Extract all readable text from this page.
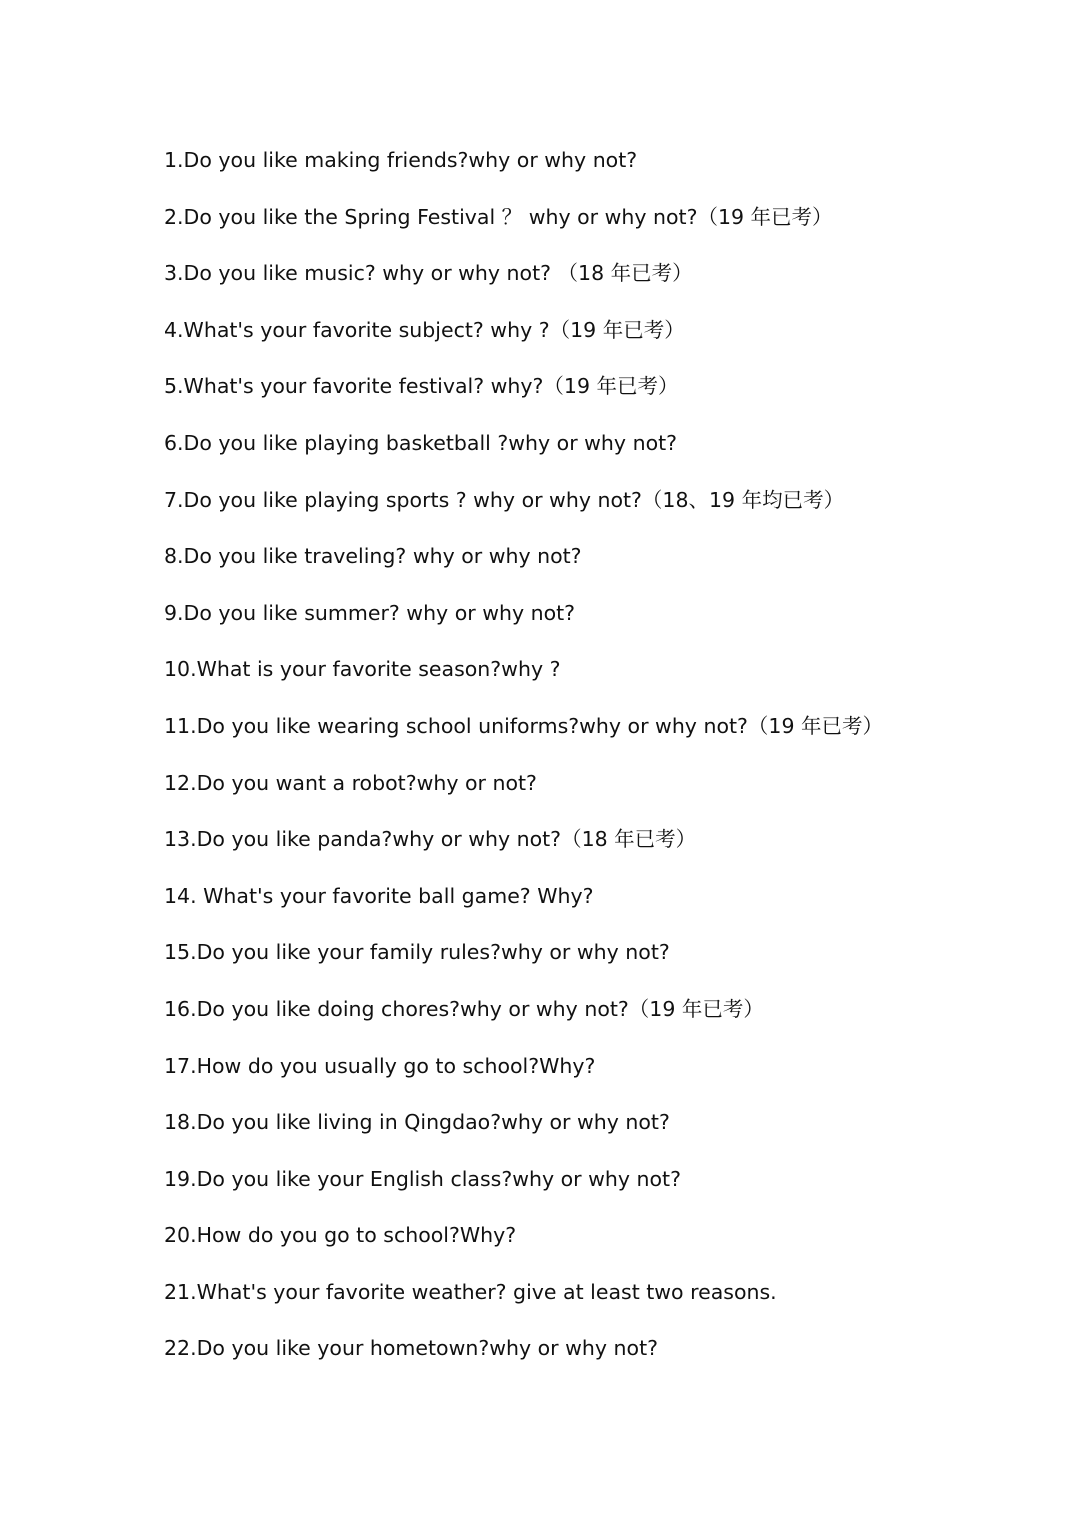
1.Do you like making friends?why or why not?
2.Do you like the Spring Festival ？ why or why not?（19 年已考）
3.Do you like music? why or why not? （18 年已考）
4.What's your favorite subject? why ?（19 年已考）
5.What's your favorite festival? why?（19 年已考）
6.Do you like playing basketball ?why or why not?
7.Do you like playing sports ? why or why not?（18、19 年均已考）
8.Do you like traveling? why or why not?
9.Do you like summer? why or why not?
10.What is your favorite season?why ?
11.Do you like wearing school uniforms?why or why not?（19 年已考）
12.Do you want a robot?why or not?
13.Do you like panda?why or why not?（18 年已考）
14. What's your favorite ball game? Why?
15.Do you like your family rules?why or why not?
16.Do you like doing chores?why or why not?（19 年已考）
17.How do you usually go to school?Why?
18.Do you like living in Qingdao?why or why not?
19.Do you like your English class?why or why not?
20.How do you go to school?Why?
21.What's your favorite weather? give at least two reasons.
22.Do you like your hometown?why or why not?
